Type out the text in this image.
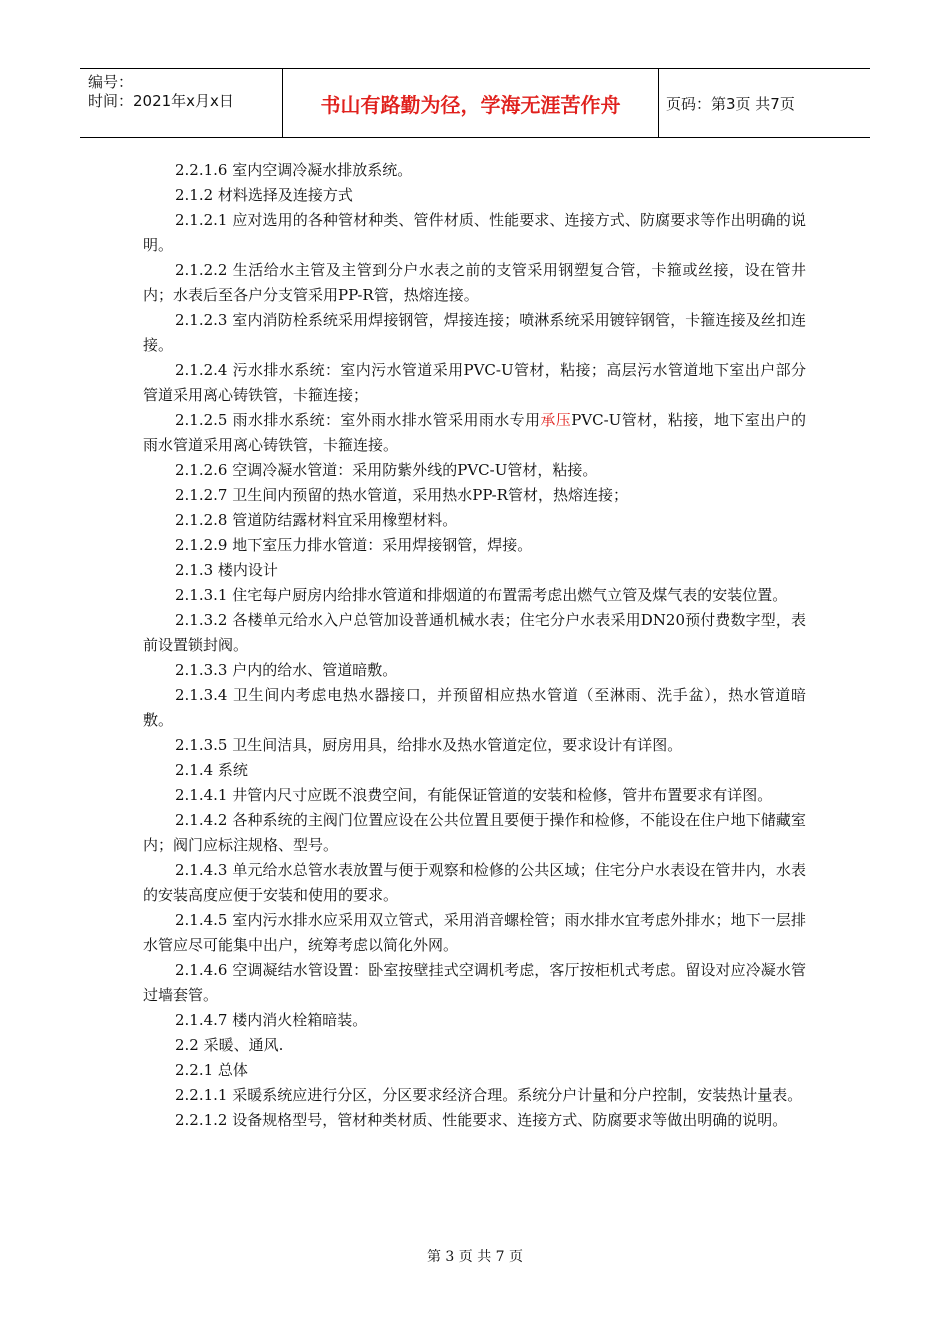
编号：
时间：2021年x月x日	书山有路勤为径，学海无涯苦作舟	页码：第3页 共7页

2.2.1.6 室内空调冷凝水排放系统。

2.1.2 材料选择及连接方式

2.1.2.1 应对选用的各种管材种类、管件材质、性能要求、连接方式、防腐要求等作出明确的说明。

2.1.2.2 生活给水主管及主管到分户水表之前的支管采用钢塑复合管，卡箍或丝接，设在管井内；水表后至各户分支管采用PP-R管，热熔连接。

2.1.2.3 室内消防栓系统采用焊接钢管，焊接连接；喷淋系统采用镀锌钢管，卡箍连接及丝扣连接。

2.1.2.4 污水排水系统：室内污水管道采用PVC-U管材，粘接；高层污水管道地下室出户部分管道采用离心铸铁管，卡箍连接；

2.1.2.5 雨水排水系统：室外雨水排水管采用雨水专用承压PVC-U管材，粘接，地下室出户的雨水管道采用离心铸铁管，卡箍连接。

2.1.2.6 空调冷凝水管道：采用防紫外线的PVC-U管材，粘接。

2.1.2.7 卫生间内预留的热水管道，采用热水PP-R管材，热熔连接；

2.1.2.8 管道防结露材料宜采用橡塑材料。

2.1.2.9 地下室压力排水管道：采用焊接钢管，焊接。

2.1.3 楼内设计

2.1.3.1 住宅每户厨房内给排水管道和排烟道的布置需考虑出燃气立管及煤气表的安装位置。

2.1.3.2 各楼单元给水入户总管加设普通机械水表；住宅分户水表采用DN20预付费数字型，表前设置锁封阀。

2.1.3.3 户内的给水、管道暗敷。

2.1.3.4 卫生间内考虑电热水器接口，并预留相应热水管道（至淋雨、洗手盆），热水管道暗敷。

2.1.3.5 卫生间洁具，厨房用具，给排水及热水管道定位，要求设计有详图。

2.1.4 系统

2.1.4.1 井管内尺寸应既不浪费空间，有能保证管道的安装和检修，管井布置要求有详图。

2.1.4.2 各种系统的主阀门位置应设在公共位置且要便于操作和检修，不能设在住户地下储藏室内；阀门应标注规格、型号。

2.1.4.3 单元给水总管水表放置与便于观察和检修的公共区域；住宅分户水表设在管井内，水表的安装高度应便于安装和使用的要求。

2.1.4.5 室内污水排水应采用双立管式，采用消音螺栓管；雨水排水宜考虑外排水；地下一层排水管应尽可能集中出户，统筹考虑以简化外网。

2.1.4.6 空调凝结水管设置：卧室按壁挂式空调机考虑，客厅按柜机式考虑。留设对应冷凝水管过墙套管。

2.1.4.7 楼内消火栓箱暗装。

2.2 采暖、通风.

2.2.1 总体

2.2.1.1 采暖系统应进行分区，分区要求经济合理。系统分户计量和分户控制，安装热计量表。

2.2.1.2 设备规格型号，管材种类材质、性能要求、连接方式、防腐要求等做出明确的说明。

第 3 页 共 7 页
